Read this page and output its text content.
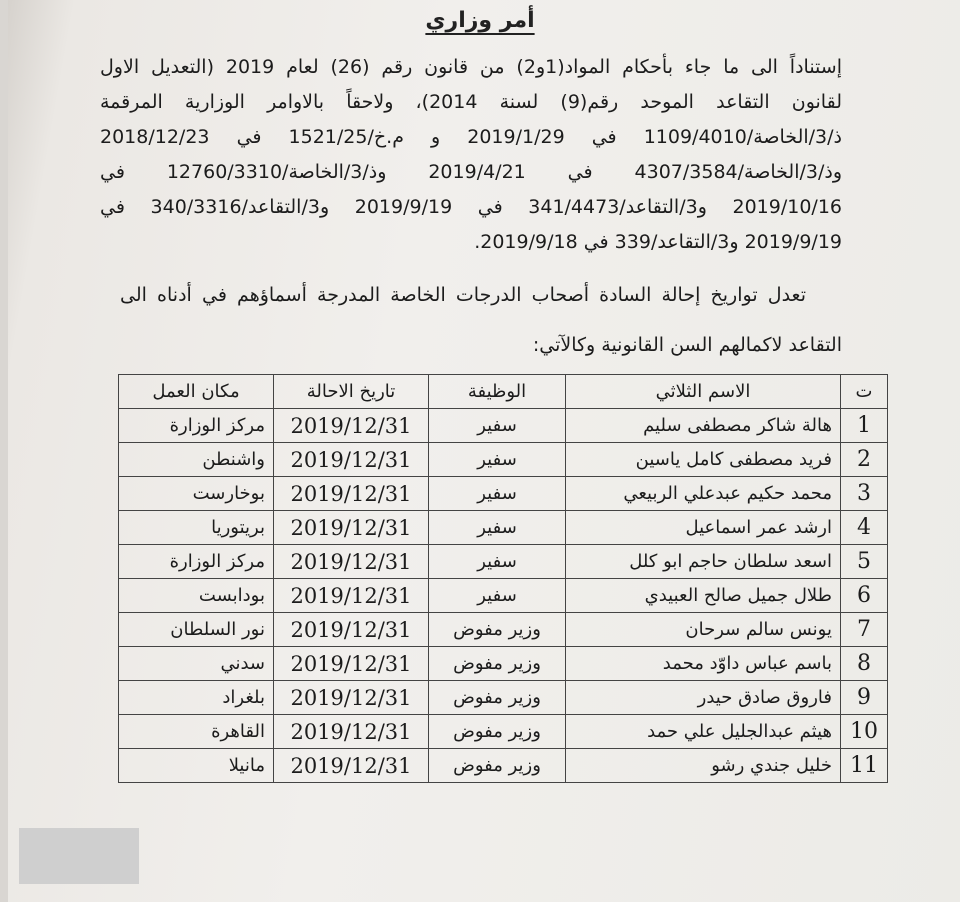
أمر وزاري
إستناداً الى ما جاء بأحكام المواد(1و2) من قانون رقم (26) لعام 2019 (التعديل الاول
لقانون التقاعد الموحد رقم(9) لسنة 2014)، ولاحقاً بالاوامر الوزارية المرقمة
ذ/3/الخاصة/1109/4010 في 2019/1/29 و م.خ/1521/25 في 2018/12/23
وذ/3/الخاصة/4307/3584 في 2019/4/21 وذ/3/الخاصة/12760/3310 في
2019/10/16 و3/التقاعد/341/4473 في 2019/9/19 و3/التقاعد/340/3316 في
2019/9/19 و3/التقاعد/339 في 2019/9/18.
تعدل تواريخ إحالة السادة أصحاب الدرجات الخاصة المدرجة أسماؤهم في أدناه الى
التقاعد لاكمالهم السن القانونية وكالآتي:
ت	الاسم الثلاثي	الوظيفة	تاريخ الاحالة	مكان العمل
1	هالة شاكر مصطفى سليم	سفير	2019/12/31	مركز الوزارة
2	فريد مصطفى كامل ياسين	سفير	2019/12/31	واشنطن
3	محمد حكيم عبدعلي الربيعي	سفير	2019/12/31	بوخارست
4	ارشد عمر اسماعيل	سفير	2019/12/31	بريتوريا
5	اسعد سلطان حاجم ابو كلل	سفير	2019/12/31	مركز الوزارة
6	طلال جميل صالح العبيدي	سفير	2019/12/31	بودابست
7	يونس سالم سرحان	وزير مفوض	2019/12/31	نور السلطان
8	باسم عباس داوّد محمد	وزير مفوض	2019/12/31	سدني
9	فاروق صادق حيدر	وزير مفوض	2019/12/31	بلغراد
10	هيثم عبدالجليل علي حمد	وزير مفوض	2019/12/31	القاهرة
11	خليل جندي رشو	وزير مفوض	2019/12/31	مانيلا
